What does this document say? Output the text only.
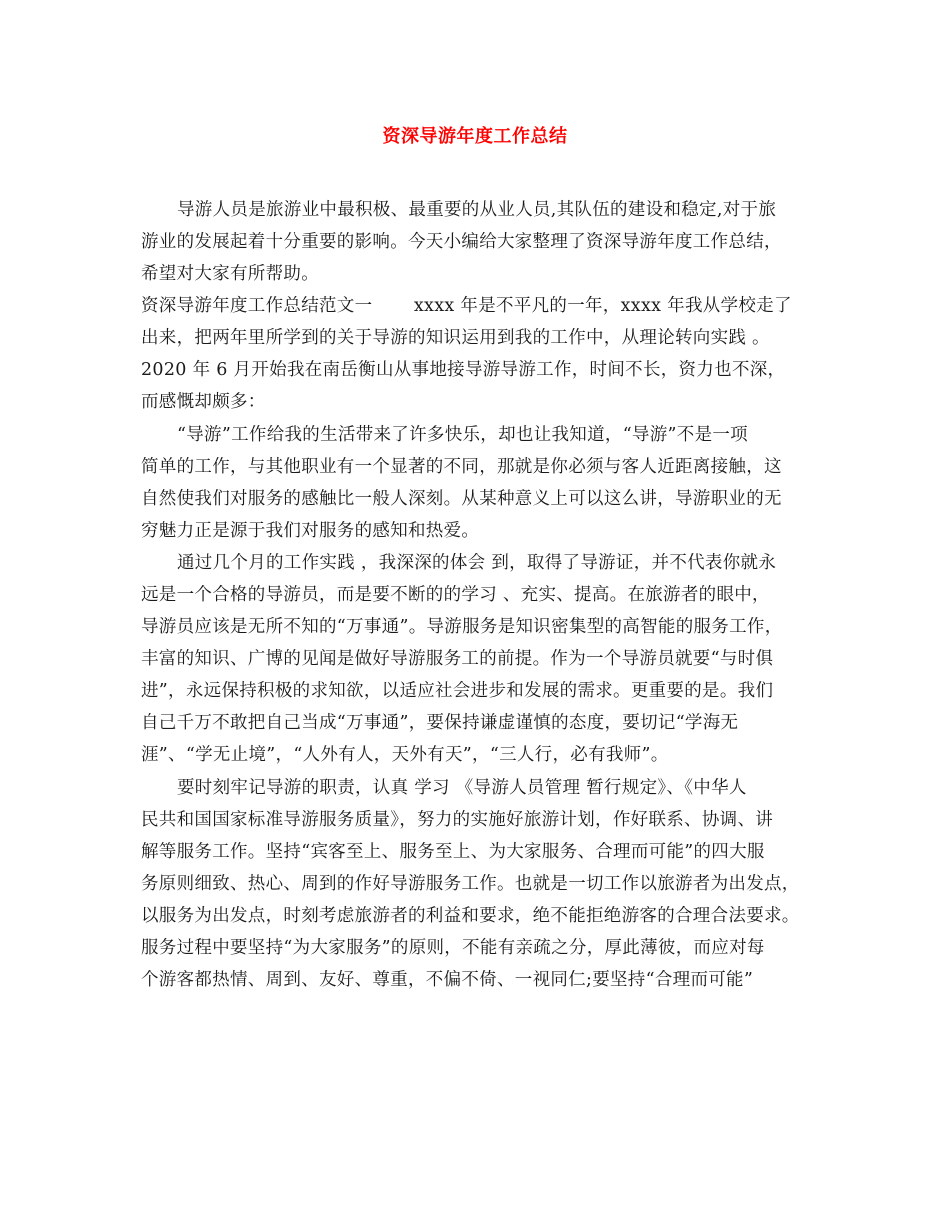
资深导游年度工作总结
导游人员是旅游业中最积极、最重要的从业人员,其队伍的建设和稳定,对于旅
游业的发展起着十分重要的影响。今天小编给大家整理了资深导游年度工作总结，
希望对大家有所帮助。
资深导游年度工作总结范文一　　 xxxx 年是不平凡的一年，xxxx 年我从学校走了
出来，把两年里所学到的关于导游的知识运用到我的工作中，从理论转向实践 。
2020 年 6 月开始我在南岳衡山从事地接导游导游工作，时间不长，资力也不深，
而感慨却颇多：
“导游”工作给我的生活带来了许多快乐，却也让我知道，“导游”不是一项
简单的工作，与其他职业有一个显著的不同，那就是你必须与客人近距离接触，这
自然使我们对服务的感触比一般人深刻。从某种意义上可以这么讲，导游职业的无
穷魅力正是源于我们对服务的感知和热爱。
通过几个月的工作实践 ，我深深的体会 到，取得了导游证，并不代表你就永
远是一个合格的导游员，而是要不断的的学习 、充实、提高。在旅游者的眼中，
导游员应该是无所不知的“万事通”。导游服务是知识密集型的高智能的服务工作，
丰富的知识、广博的见闻是做好导游服务工的前提。作为一个导游员就要“与时俱
进”，永远保持积极的求知欲，以适应社会进步和发展的需求。更重要的是。我们
自己千万不敢把自己当成“万事通”，要保持谦虚谨慎的态度，要切记“学海无
涯”、“学无止境”，“人外有人，天外有天”，“三人行，必有我师”。
要时刻牢记导游的职责，认真 学习 《导游人员管理 暂行规定》、《中华人
民共和国国家标准导游服务质量》，努力的实施好旅游计划，作好联系、协调、讲
解等服务工作。坚持“宾客至上、服务至上、为大家服务、合理而可能”的四大服
务原则细致、热心、周到的作好导游服务工作。也就是一切工作以旅游者为出发点，
以服务为出发点，时刻考虑旅游者的利益和要求，绝不能拒绝游客的合理合法要求。
服务过程中要坚持“为大家服务”的原则，不能有亲疏之分，厚此薄彼，而应对每
个游客都热情、周到、友好、尊重，不偏不倚、一视同仁;要坚持“合理而可能”
